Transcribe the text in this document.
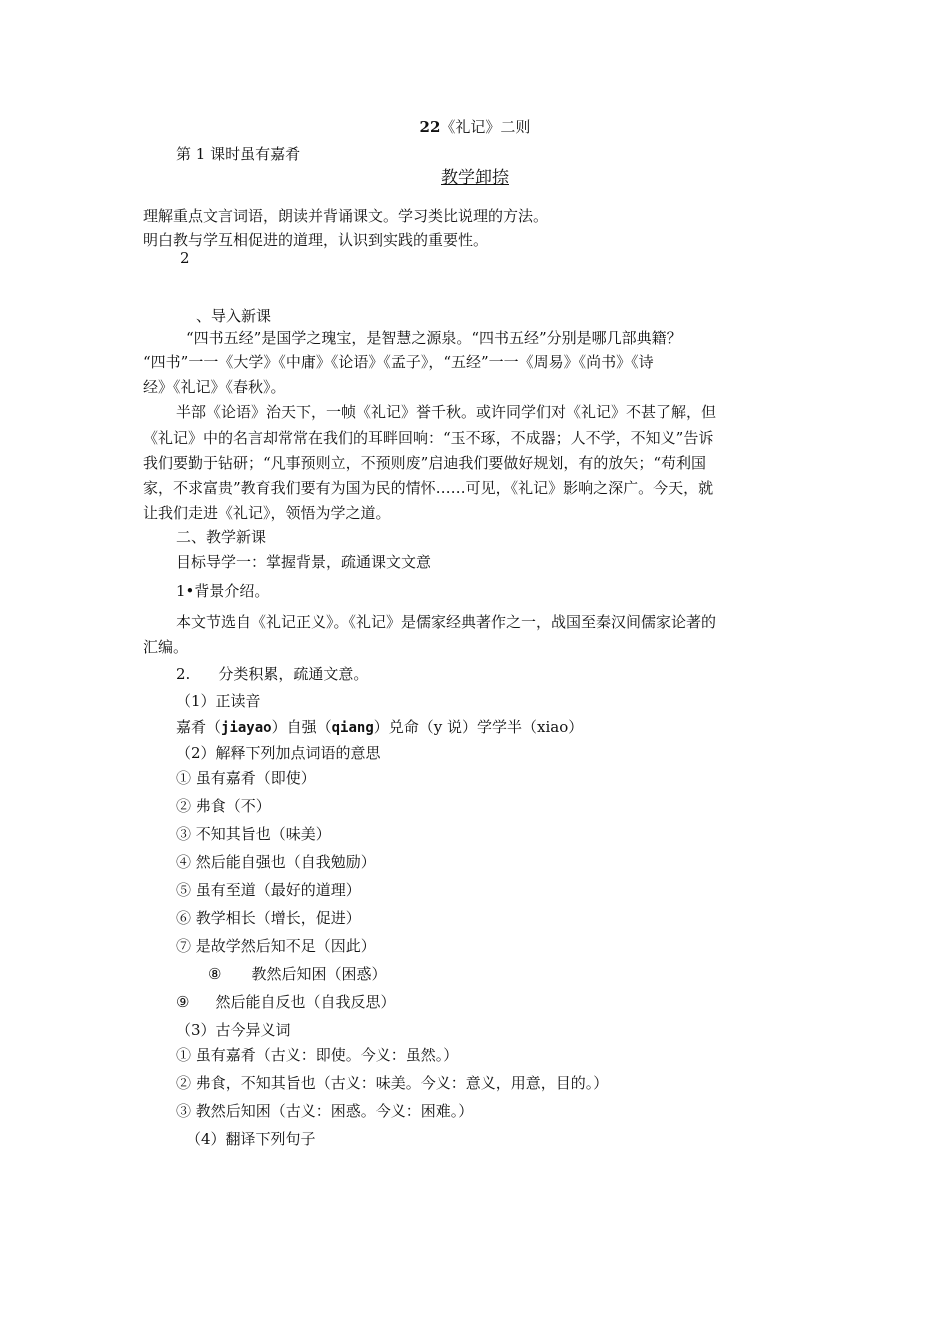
22《礼记》二则
第 1 课时虽有嘉肴
教学卸捺
理解重点文言词语，朗读并背诵课文。学习类比说理的方法。
明白教与学互相促进的道理，认识到实践的重要性。
2
、导入新课
“四书五经”是国学之瑰宝，是智慧之源泉。“四书五经”分别是哪几部典籍？
“四书”一一《大学》《中庸》《论语》《孟子》，“五经”一一《周易》《尚书》《诗
经》《礼记》《春秋》。
半部《论语》治天下，一帧《礼记》誉千秋。或许同学们对《礼记》不甚了解，但
《礼记》中的名言却常常在我们的耳畔回响：“玉不琢，不成器；人不学，不知义”告诉
我们要勤于钻研；“凡事预则立，不预则废”启迪我们要做好规划，有的放矢；“苟利国
家，不求富贵”教育我们要有为国为民的情怀……可见，《礼记》影响之深广。今天，就
让我们走进《礼记》，领悟为学之道。
二、教学新课
目标导学一：掌握背景，疏通课文文意
1•背景介绍。
本文节选自《礼记正义》。《礼记》是儒家经典著作之一，战国至秦汉间儒家论著的
汇编。
2. 分类积累，疏通文意。
（1）正读音
嘉肴（jiayao）自强（qiang）兑命（y 说）学学半（xiao）
（2）解释下列加点词语的意思
① 虽有嘉肴（即使）
② 弗食（不）
③ 不知其旨也（味美）
④ 然后能自强也（自我勉励）
⑤ 虽有至道（最好的道理）
⑥ 教学相长（增长，促进）
⑦ 是故学然后知不足（因此）
⑧ 教然后知困（困惑）
⑨ 然后能自反也（自我反思）
（3）古今异义词
① 虽有嘉肴（古义：即使。今义：虽然。）
② 弗食，不知其旨也（古义：味美。今义：意义，用意，目的。）
③ 教然后知困（古义：困惑。今义：困难。）
（4）翻译下列句子
